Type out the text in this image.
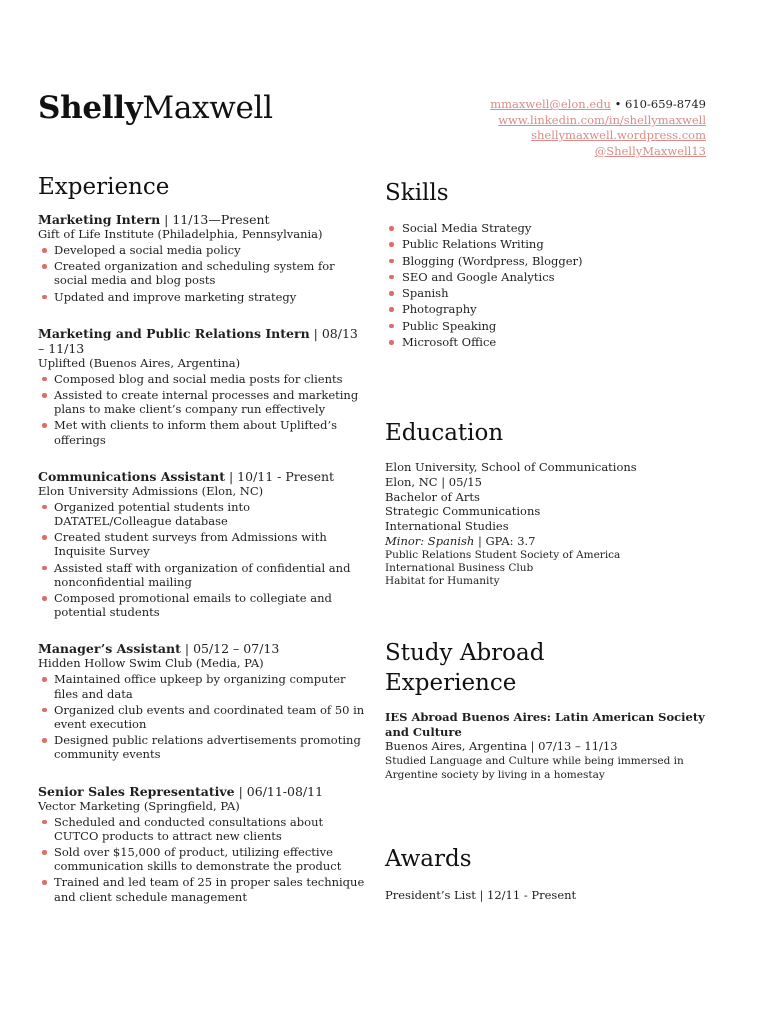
ShellyMaxwell	mmaxwell@elon.edu • 610-659-8749
www.linkedin.com/in/shellymaxwell
shellymaxwell.wordpress.com
@ShellyMaxwell13
Experience
Marketing Intern | 11/13—Present
Gift of Life Institute (Philadelphia, Pennsylvania)
Developed a social media policy
Created organization and scheduling system for social media and blog posts
Updated and improve marketing strategy
Marketing and Public Relations Intern | 08/13 – 11/13
Uplifted (Buenos Aires, Argentina)
Composed blog and social media posts for clients
Assisted to create internal processes and marketing plans to make client’s company run effectively
Met with clients to inform them about Uplifted’s offerings
Communications Assistant | 10/11 - Present
Elon University Admissions (Elon, NC)
Organized potential students into DATATEL/Colleague database
Created student surveys from Admissions with Inquisite Survey
Assisted staff with organization of confidential and nonconfidential mailing
Composed promotional emails to collegiate and potential students
Manager’s Assistant | 05/12 – 07/13
Hidden Hollow Swim Club (Media, PA)
Maintained office upkeep by organizing computer files and data
Organized club events and coordinated team of 50 in event execution
Designed public relations advertisements promoting community events
Senior Sales Representative | 06/11-08/11
Vector Marketing (Springfield, PA)
Scheduled and conducted consultations about CUTCO products to attract new clients
Sold over $15,000 of product, utilizing effective communication skills to demonstrate the product
Trained and led team of 25 in proper sales technique and client schedule management
Skills
Social Media Strategy
Public Relations Writing
Blogging (Wordpress, Blogger)
SEO and Google Analytics
Spanish
Photography
Public Speaking
Microsoft Office
Education
Elon University, School of Communications
Elon, NC | 05/15
Bachelor of Arts
Strategic Communications
International Studies
Minor: Spanish | GPA: 3.7
Public Relations Student Society of America
International Business Club
Habitat for Humanity
Study Abroad
Experience
IES Abroad Buenos Aires: Latin American Society and Culture
Buenos Aires, Argentina | 07/13 – 11/13
Studied Language and Culture while being immersed in Argentine society by living in a homestay
Awards
President’s List | 12/11 - Present
